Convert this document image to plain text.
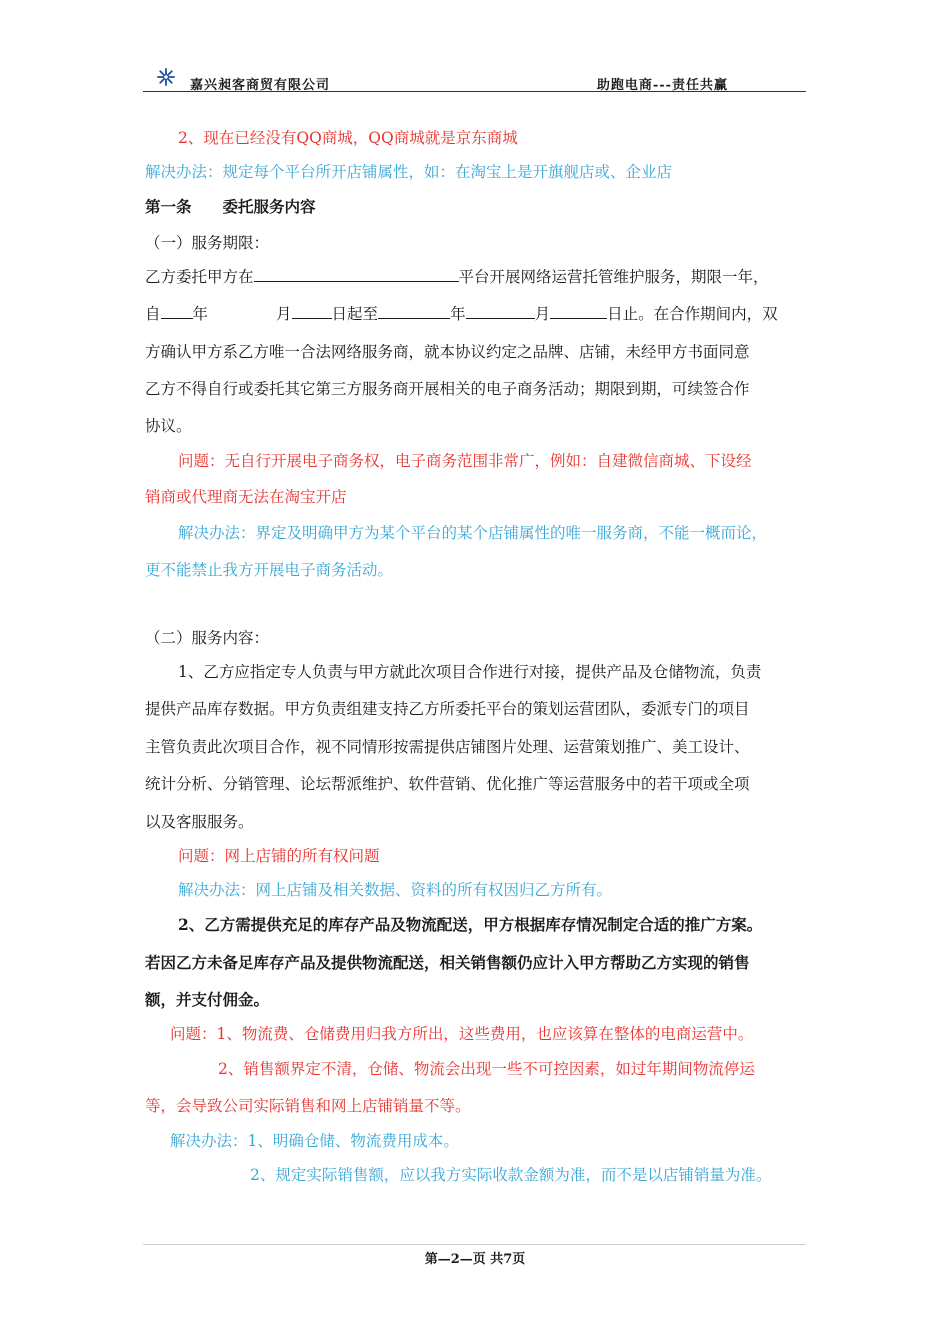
嘉兴昶客商贸有限公司	助跑电商---责任共赢
2、现在已经没有QQ商城，QQ商城就是京东商城
解决办法：规定每个平台所开店铺属性，如：在淘宝上是开旗舰店或、企业店
第一条　　委托服务内容
（一）服务期限：
乙方委托甲方在	平台开展网络运营托管维护服务，期限一年，
自 年	月	日起至	年	月	日止。在合作期间内，双
方确认甲方系乙方唯一合法网络服务商，就本协议约定之品牌、店铺，未经甲方书面同意
乙方不得自行或委托其它第三方服务商开展相关的电子商务活动；期限到期，可续签合作
协议。
问题：无自行开展电子商务权，电子商务范围非常广，例如：自建微信商城、下设经
销商或代理商无法在淘宝开店
解决办法：界定及明确甲方为某个平台的某个店铺属性的唯一服务商，不能一概而论，
更不能禁止我方开展电子商务活动。
（二）服务内容：
1、乙方应指定专人负责与甲方就此次项目合作进行对接，提供产品及仓储物流，负责
提供产品库存数据。甲方负责组建支持乙方所委托平台的策划运营团队，委派专门的项目
主管负责此次项目合作，视不同情形按需提供店铺图片处理、运营策划推广、美工设计、
统计分析、分销管理、论坛帮派维护、软件营销、优化推广等运营服务中的若干项或全项
以及客服服务。
问题：网上店铺的所有权问题
解决办法：网上店铺及相关数据、资料的所有权因归乙方所有。
2、乙方需提供充足的库存产品及物流配送，甲方根据库存情况制定合适的推广方案。
若因乙方未备足库存产品及提供物流配送，相关销售额仍应计入甲方帮助乙方实现的销售
额，并支付佣金。
问题：1、物流费、仓储费用归我方所出，这些费用，也应该算在整体的电商运营中。
2、销售额界定不清，仓储、物流会出现一些不可控因素，如过年期间物流停运
等，会导致公司实际销售和网上店铺销量不等。
解决办法：1、明确仓储、物流费用成本。
2、规定实际销售额，应以我方实际收款金额为准，而不是以店铺销量为准。
第—2—页 共7页
